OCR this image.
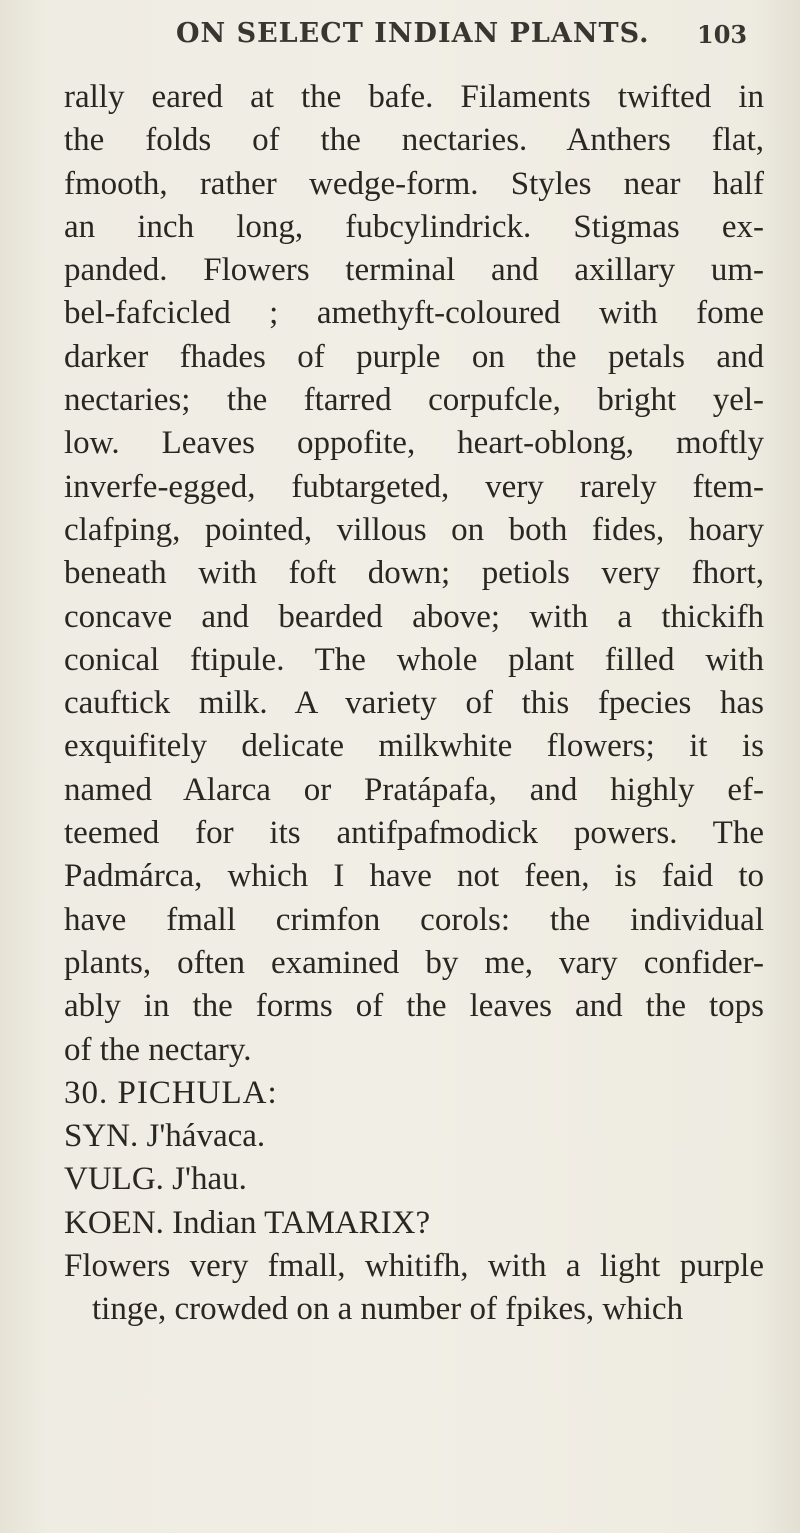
ON SELECT INDIAN PLANTS. 103
rally eared at the bafe. Filaments twifted in
the folds of the nectaries. Anthers flat,
fmooth, rather wedge-form. Styles near half
an inch long, fubcylindrick. Stigmas ex-
panded. Flowers terminal and axillary um-
bel-fafcicled ; amethyft-coloured with fome
darker fhades of purple on the petals and
nectaries; the ftarred corpufcle, bright yel-
low. Leaves oppofite, heart-oblong, moftly
inverfe-egged, fubtargeted, very rarely ftem-
clafping, pointed, villous on both fides, hoary
beneath with foft down; petiols very fhort,
concave and bearded above; with a thickifh
conical ftipule. The whole plant filled with
cauftick milk. A variety of this fpecies has
exquifitely delicate milkwhite flowers; it is
named Alarca or Pratápafa, and highly ef-
teemed for its antifpafmodick powers. The
Padmárca, which I have not feen, is faid to
have fmall crimfon corols: the individual
plants, often examined by me, vary confider-
ably in the forms of the leaves and the tops
of the nectary.
30. PICHULA:
SYN. J'hávaca.
VULG. J'hau.
KOEN. Indian TAMARIX?
Flowers very fmall, whitifh, with a light purple
tinge, crowded on a number of fpikes, which
